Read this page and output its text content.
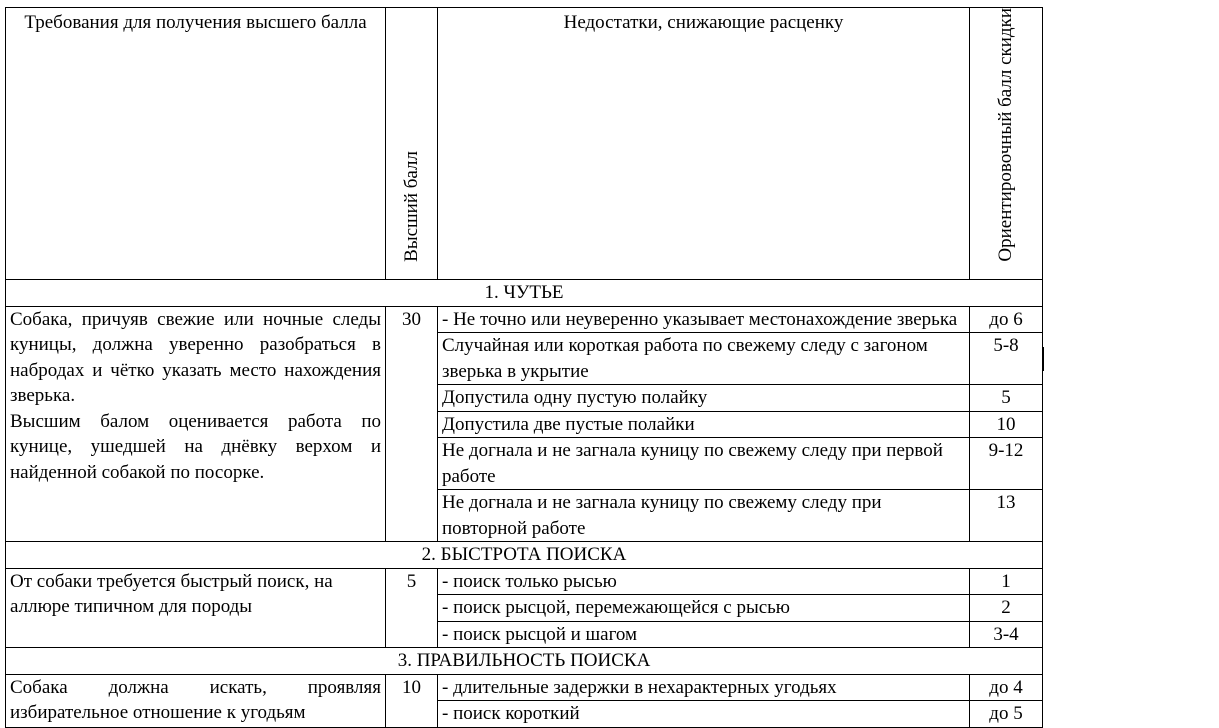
Требования для получения высшего балла	Высший балл	Недостатки, снижающие расценку	Ориентировочный балл скидки
1. ЧУТЬЕ			

Собака, причуяв свежие или ночные следы куницы, должна уверенно разобраться в набродах и чётко указать место нахождения зверька.

Высшим балом оценивается работа по кунице, ушедшей на днёвку верхом и найденной собакой по посорке.	30	- Не точно или неуверенно указывает местонахождение зверька	до 6
		Случайная или короткая работа по свежему следу с загоном зверька в укрытие	5-8
		Допустила одну пустую полайку	5
		Допустила две пустые полайки	10
		Не догнала и не загнала куницу по свежему следу при первой работе	9-12
		Не догнала и не загнала куницу по свежему следу при повторной работе	13
2. БЫСТРОТА ПОИСКА			
От собаки требуется быстрый поиск, на аллюре типичном для породы	5	- поиск только рысью	1
		- поиск рысцой, перемежающейся с рысью	2
		- поиск рысцой и шагом	3-4
3. ПРАВИЛЬНОСТЬ ПОИСКА			
Собака должна искать, проявляя избирательное отношение к угодьям	10	- длительные задержки в нехарактерных угодьях	до 4
		- поиск короткий	до 5
